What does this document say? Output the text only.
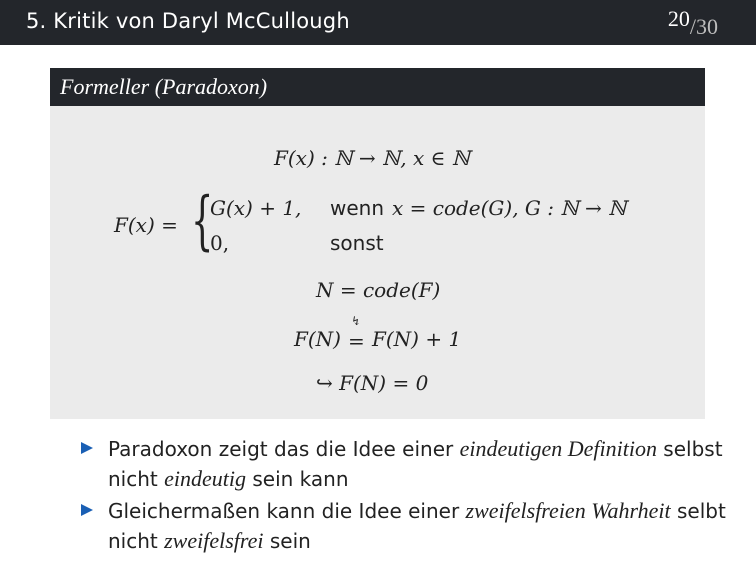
5. Kritik von Daryl McCullough	20/30
Formeller (Paradoxon)
F(x) : ℕ → ℕ, x ∈ ℕ
F(x) = {
G(x) + 1, wenn x = code(G), G : ℕ → ℕ
0,	sonst
N = code(F)
F(N) =
↯
F(N) + 1
↪ F(N) = 0
Paradoxon zeigt das die Idee einer eindeutigen Definition selbst nicht eindeutig sein kann
Gleichermaßen kann die Idee einer zweifelsfreien Wahrheit selbt nicht zweifelsfrei sein
